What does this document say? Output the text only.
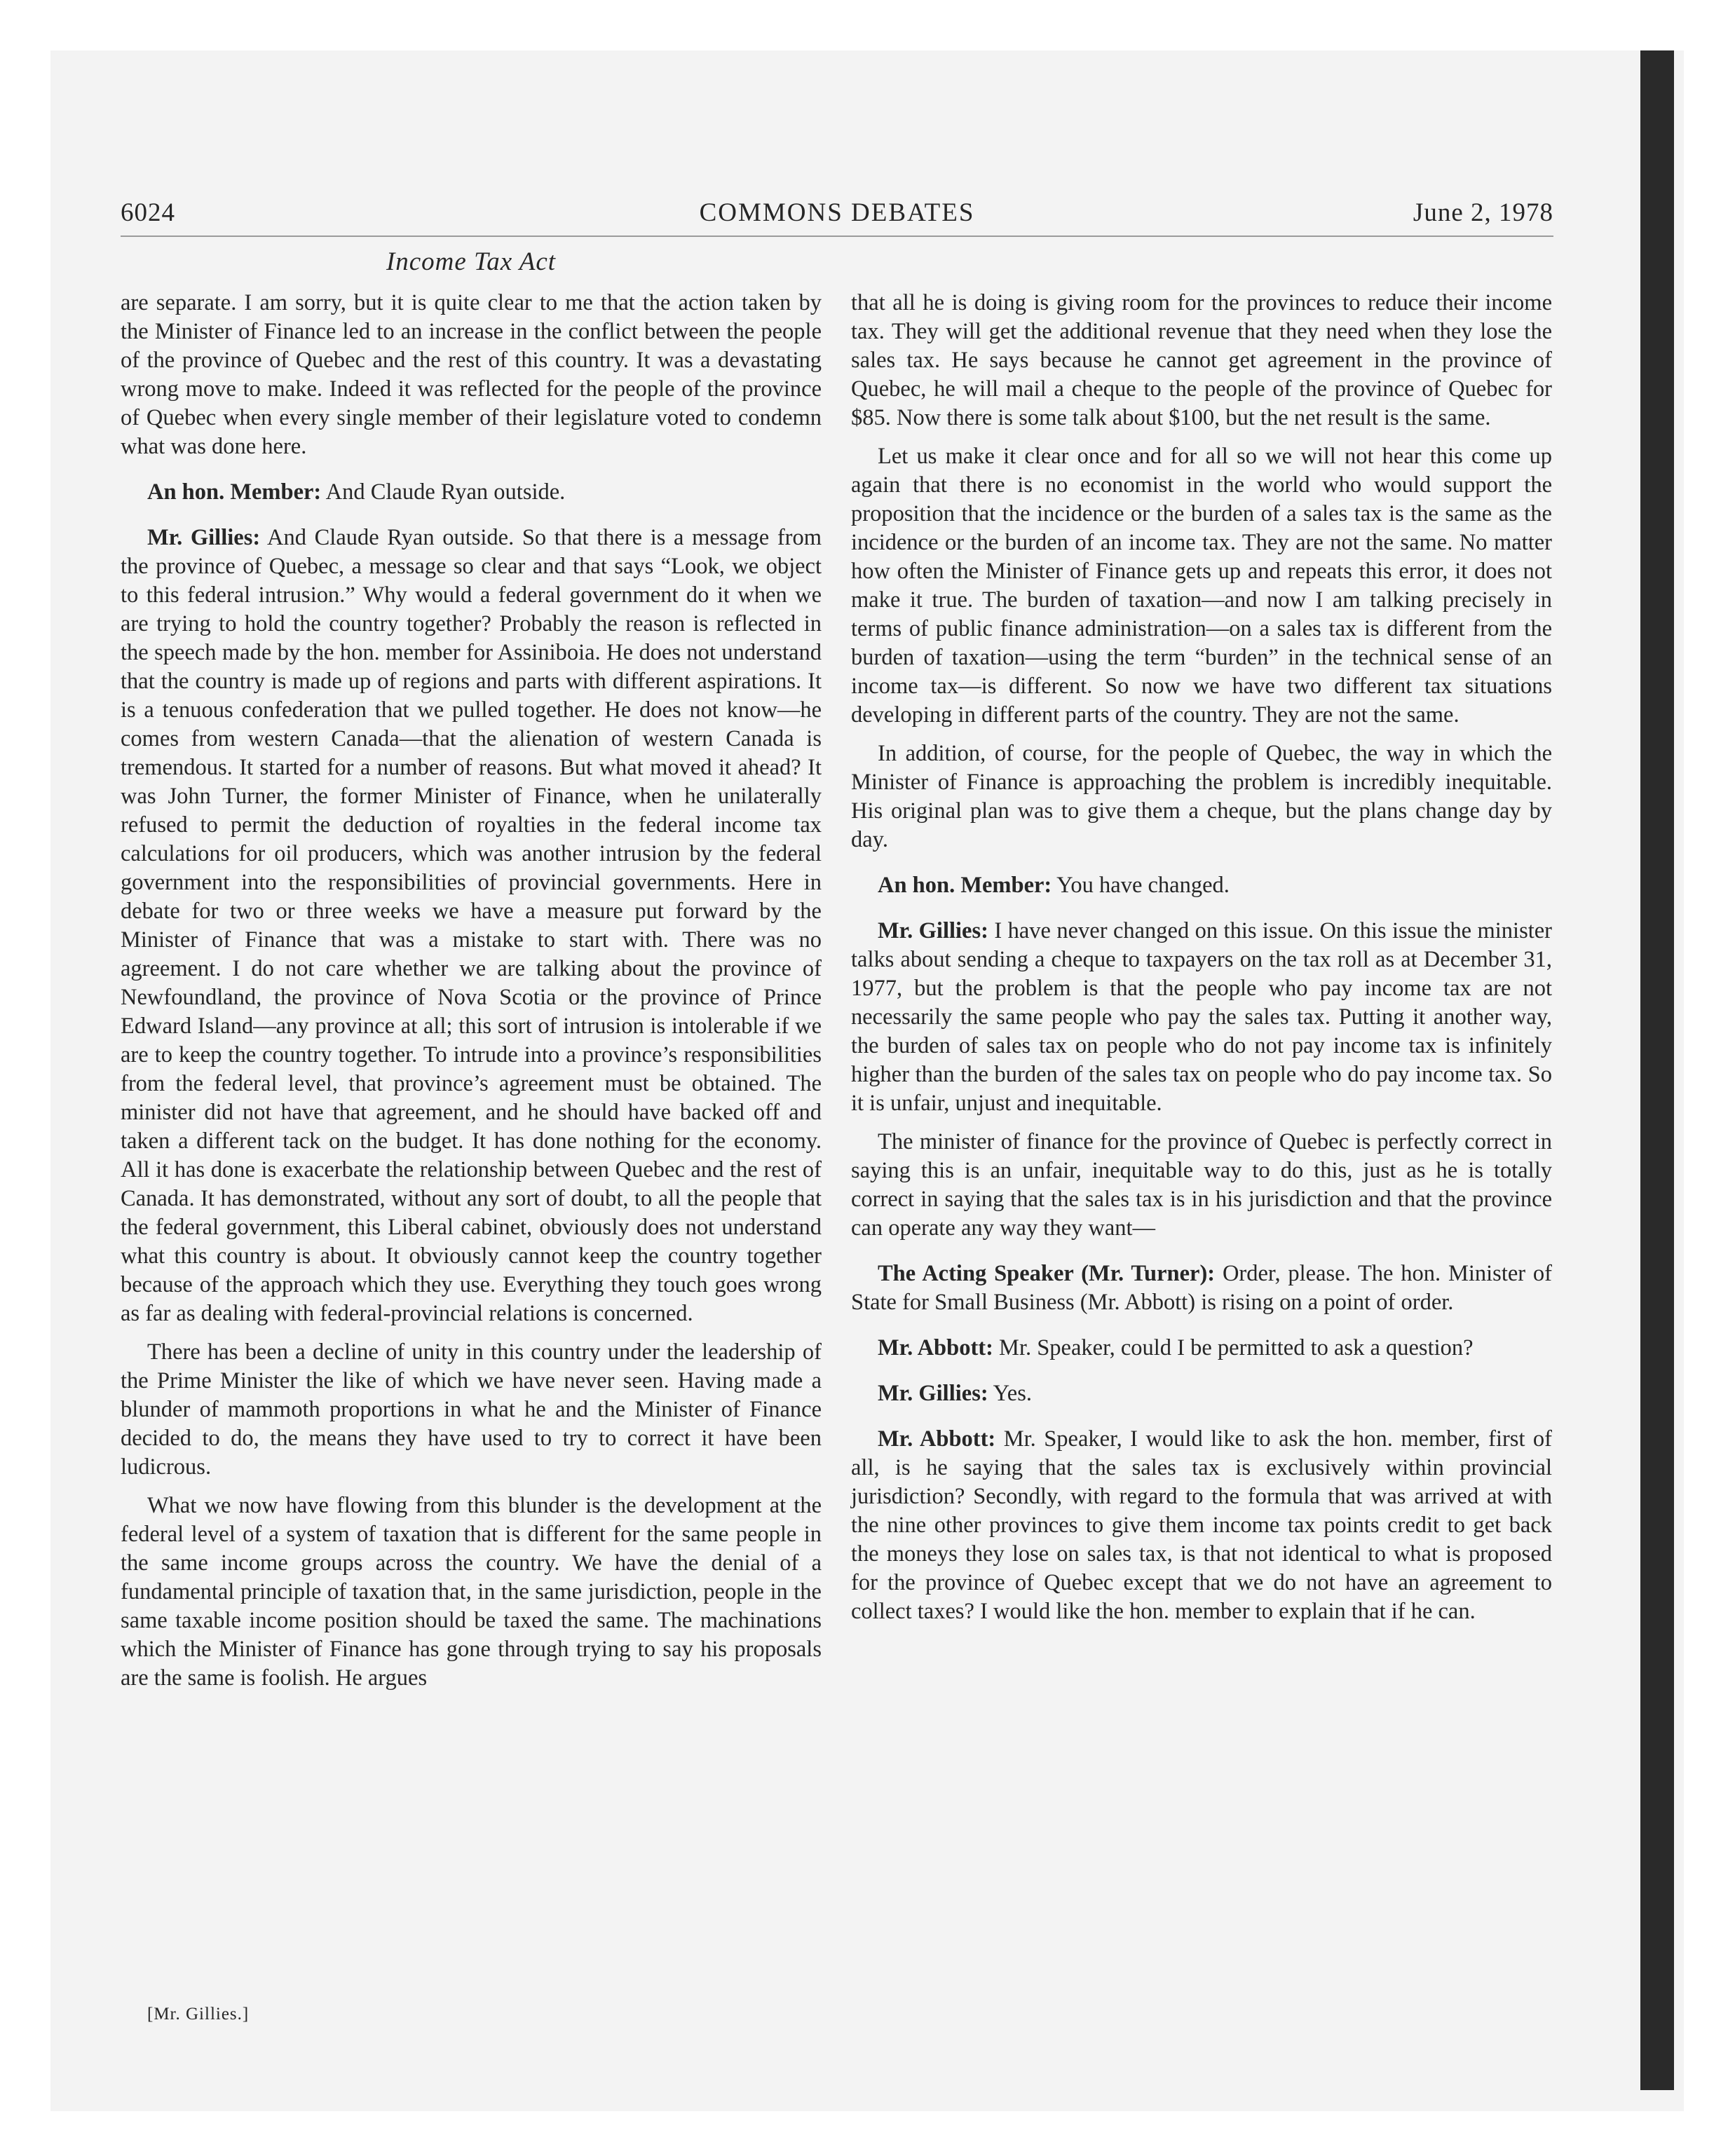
6024	COMMONS DEBATES	June 2, 1978
Income Tax Act

are separate. I am sorry, but it is quite clear to me that the action taken by the Minister of Finance led to an increase in the conflict between the people of the province of Quebec and the rest of this country. It was a devastating wrong move to make. Indeed it was reflected for the people of the province of Quebec when every single member of their legislature voted to condemn what was done here.

An hon. Member: And Claude Ryan outside.

Mr. Gillies: And Claude Ryan outside. So that there is a message from the province of Quebec, a message so clear and that says “Look, we object to this federal intrusion.” Why would a federal government do it when we are trying to hold the country together? Probably the reason is reflected in the speech made by the hon. member for Assiniboia. He does not understand that the country is made up of regions and parts with different aspirations. It is a tenuous confederation that we pulled together. He does not know—he comes from western Canada—that the alienation of western Canada is tremendous. It started for a number of reasons. But what moved it ahead? It was John Turner, the former Minister of Finance, when he unilaterally refused to permit the deduction of royalties in the federal income tax calculations for oil producers, which was another intrusion by the federal government into the responsibilities of provincial governments. Here in debate for two or three weeks we have a measure put forward by the Minister of Finance that was a mistake to start with. There was no agreement. I do not care whether we are talking about the province of Newfoundland, the province of Nova Scotia or the province of Prince Edward Island—any province at all; this sort of intrusion is intolerable if we are to keep the country together. To intrude into a province’s responsibilities from the federal level, that province’s agreement must be obtained. The minister did not have that agreement, and he should have backed off and taken a different tack on the budget. It has done nothing for the economy. All it has done is exacerbate the relationship between Quebec and the rest of Canada. It has demonstrated, without any sort of doubt, to all the people that the federal government, this Liberal cabinet, obviously does not understand what this country is about. It obviously cannot keep the country together because of the approach which they use. Everything they touch goes wrong as far as dealing with federal-provincial relations is concerned.

There has been a decline of unity in this country under the leadership of the Prime Minister the like of which we have never seen. Having made a blunder of mammoth proportions in what he and the Minister of Finance decided to do, the means they have used to try to correct it have been ludicrous.

What we now have flowing from this blunder is the development at the federal level of a system of taxation that is different for the same people in the same income groups across the country. We have the denial of a fundamental principle of taxation that, in the same jurisdiction, people in the same taxable income position should be taxed the same. The machinations which the Minister of Finance has gone through trying to say his proposals are the same is foolish. He argues

that all he is doing is giving room for the provinces to reduce their income tax. They will get the additional revenue that they need when they lose the sales tax. He says because he cannot get agreement in the province of Quebec, he will mail a cheque to the people of the province of Quebec for $85. Now there is some talk about $100, but the net result is the same.

Let us make it clear once and for all so we will not hear this come up again that there is no economist in the world who would support the proposition that the incidence or the burden of a sales tax is the same as the incidence or the burden of an income tax. They are not the same. No matter how often the Minister of Finance gets up and repeats this error, it does not make it true. The burden of taxation—and now I am talking precisely in terms of public finance administration—on a sales tax is different from the burden of taxation—using the term “burden” in the technical sense of an income tax—is different. So now we have two different tax situations developing in different parts of the country. They are not the same.

In addition, of course, for the people of Quebec, the way in which the Minister of Finance is approaching the problem is incredibly inequitable. His original plan was to give them a cheque, but the plans change day by day.

An hon. Member: You have changed.

Mr. Gillies: I have never changed on this issue. On this issue the minister talks about sending a cheque to taxpayers on the tax roll as at December 31, 1977, but the problem is that the people who pay income tax are not necessarily the same people who pay the sales tax. Putting it another way, the burden of sales tax on people who do not pay income tax is infinitely higher than the burden of the sales tax on people who do pay income tax. So it is unfair, unjust and inequitable.

The minister of finance for the province of Quebec is perfectly correct in saying this is an unfair, inequitable way to do this, just as he is totally correct in saying that the sales tax is in his jurisdiction and that the province can operate any way they want—

The Acting Speaker (Mr. Turner): Order, please. The hon. Minister of State for Small Business (Mr. Abbott) is rising on a point of order.

Mr. Abbott: Mr. Speaker, could I be permitted to ask a question?

Mr. Gillies: Yes.

Mr. Abbott: Mr. Speaker, I would like to ask the hon. member, first of all, is he saying that the sales tax is exclusively within provincial jurisdiction? Secondly, with regard to the formula that was arrived at with the nine other provinces to give them income tax points credit to get back the moneys they lose on sales tax, is that not identical to what is proposed for the province of Quebec except that we do not have an agreement to collect taxes? I would like the hon. member to explain that if he can.

[Mr. Gillies.]
